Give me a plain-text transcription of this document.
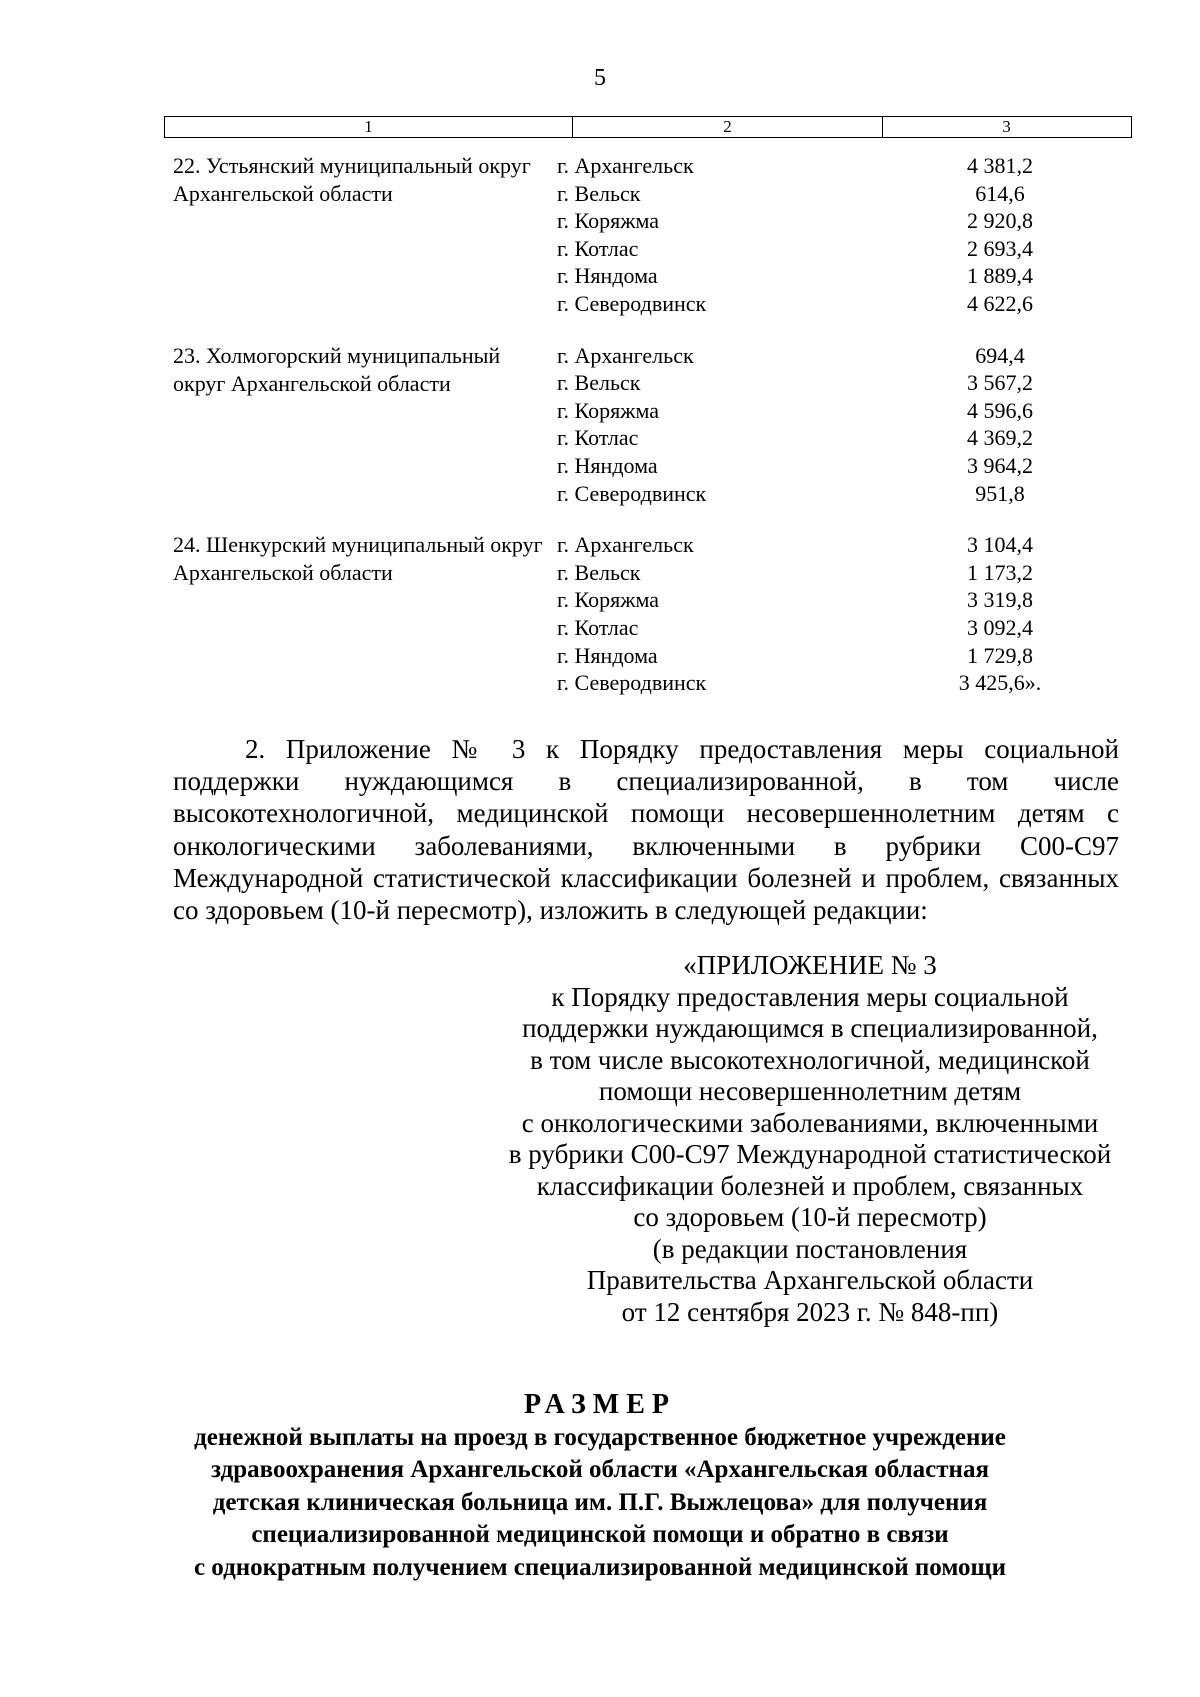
5
1	2	3
22. Устьянский муниципальный округ Архангельской области
г. Архангельск	4 381,2
г. Вельск	614,6
г. Коряжма	2 920,8
г. Котлас	2 693,4
г. Няндома	1 889,4
г. Северодвинск	4 622,6
23. Холмогорский муниципальный округ Архангельской области
г. Архангельск	694,4
г. Вельск	3 567,2
г. Коряжма	4 596,6
г. Котлас	4 369,2
г. Няндома	3 964,2
г. Северодвинск	951,8
24. Шенкурский муниципальный округ Архангельской области
г. Архангельск	3 104,4
г. Вельск	1 173,2
г. Коряжма	3 319,8
г. Котлас	3 092,4
г. Няндома	1 729,8
г. Северодвинск	3 425,6».

2. Приложение № 3 к Порядку предоставления меры социальной поддержки нуждающимся в специализированной, в том числе высокотехнологичной, медицинской помощи несовершеннолетним детям с онкологическими заболеваниями, включенными в рубрики С00-С97 Международной статистической классификации болезней и проблем, связанных со здоровьем (10-й пересмотр), изложить в следующей редакции:

«ПРИЛОЖЕНИЕ № 3
к Порядку предоставления меры социальной
поддержки нуждающимся в специализированной,
в том числе высокотехнологичной, медицинской
помощи несовершеннолетним детям
с онкологическими заболеваниями, включенными
в рубрики С00-С97 Международной статистической
классификации болезней и проблем, связанных
со здоровьем (10-й пересмотр)
(в редакции постановления
Правительства Архангельской области
от 12 сентября 2023 г. № 848-пп)
РАЗМЕР
денежной выплаты на проезд в государственное бюджетное учреждение
здравоохранения Архангельской области «Архангельская областная
детская клиническая больница им. П.Г. Выжлецова» для получения
специализированной медицинской помощи и обратно в связи
с однократным получением специализированной медицинской помощи
